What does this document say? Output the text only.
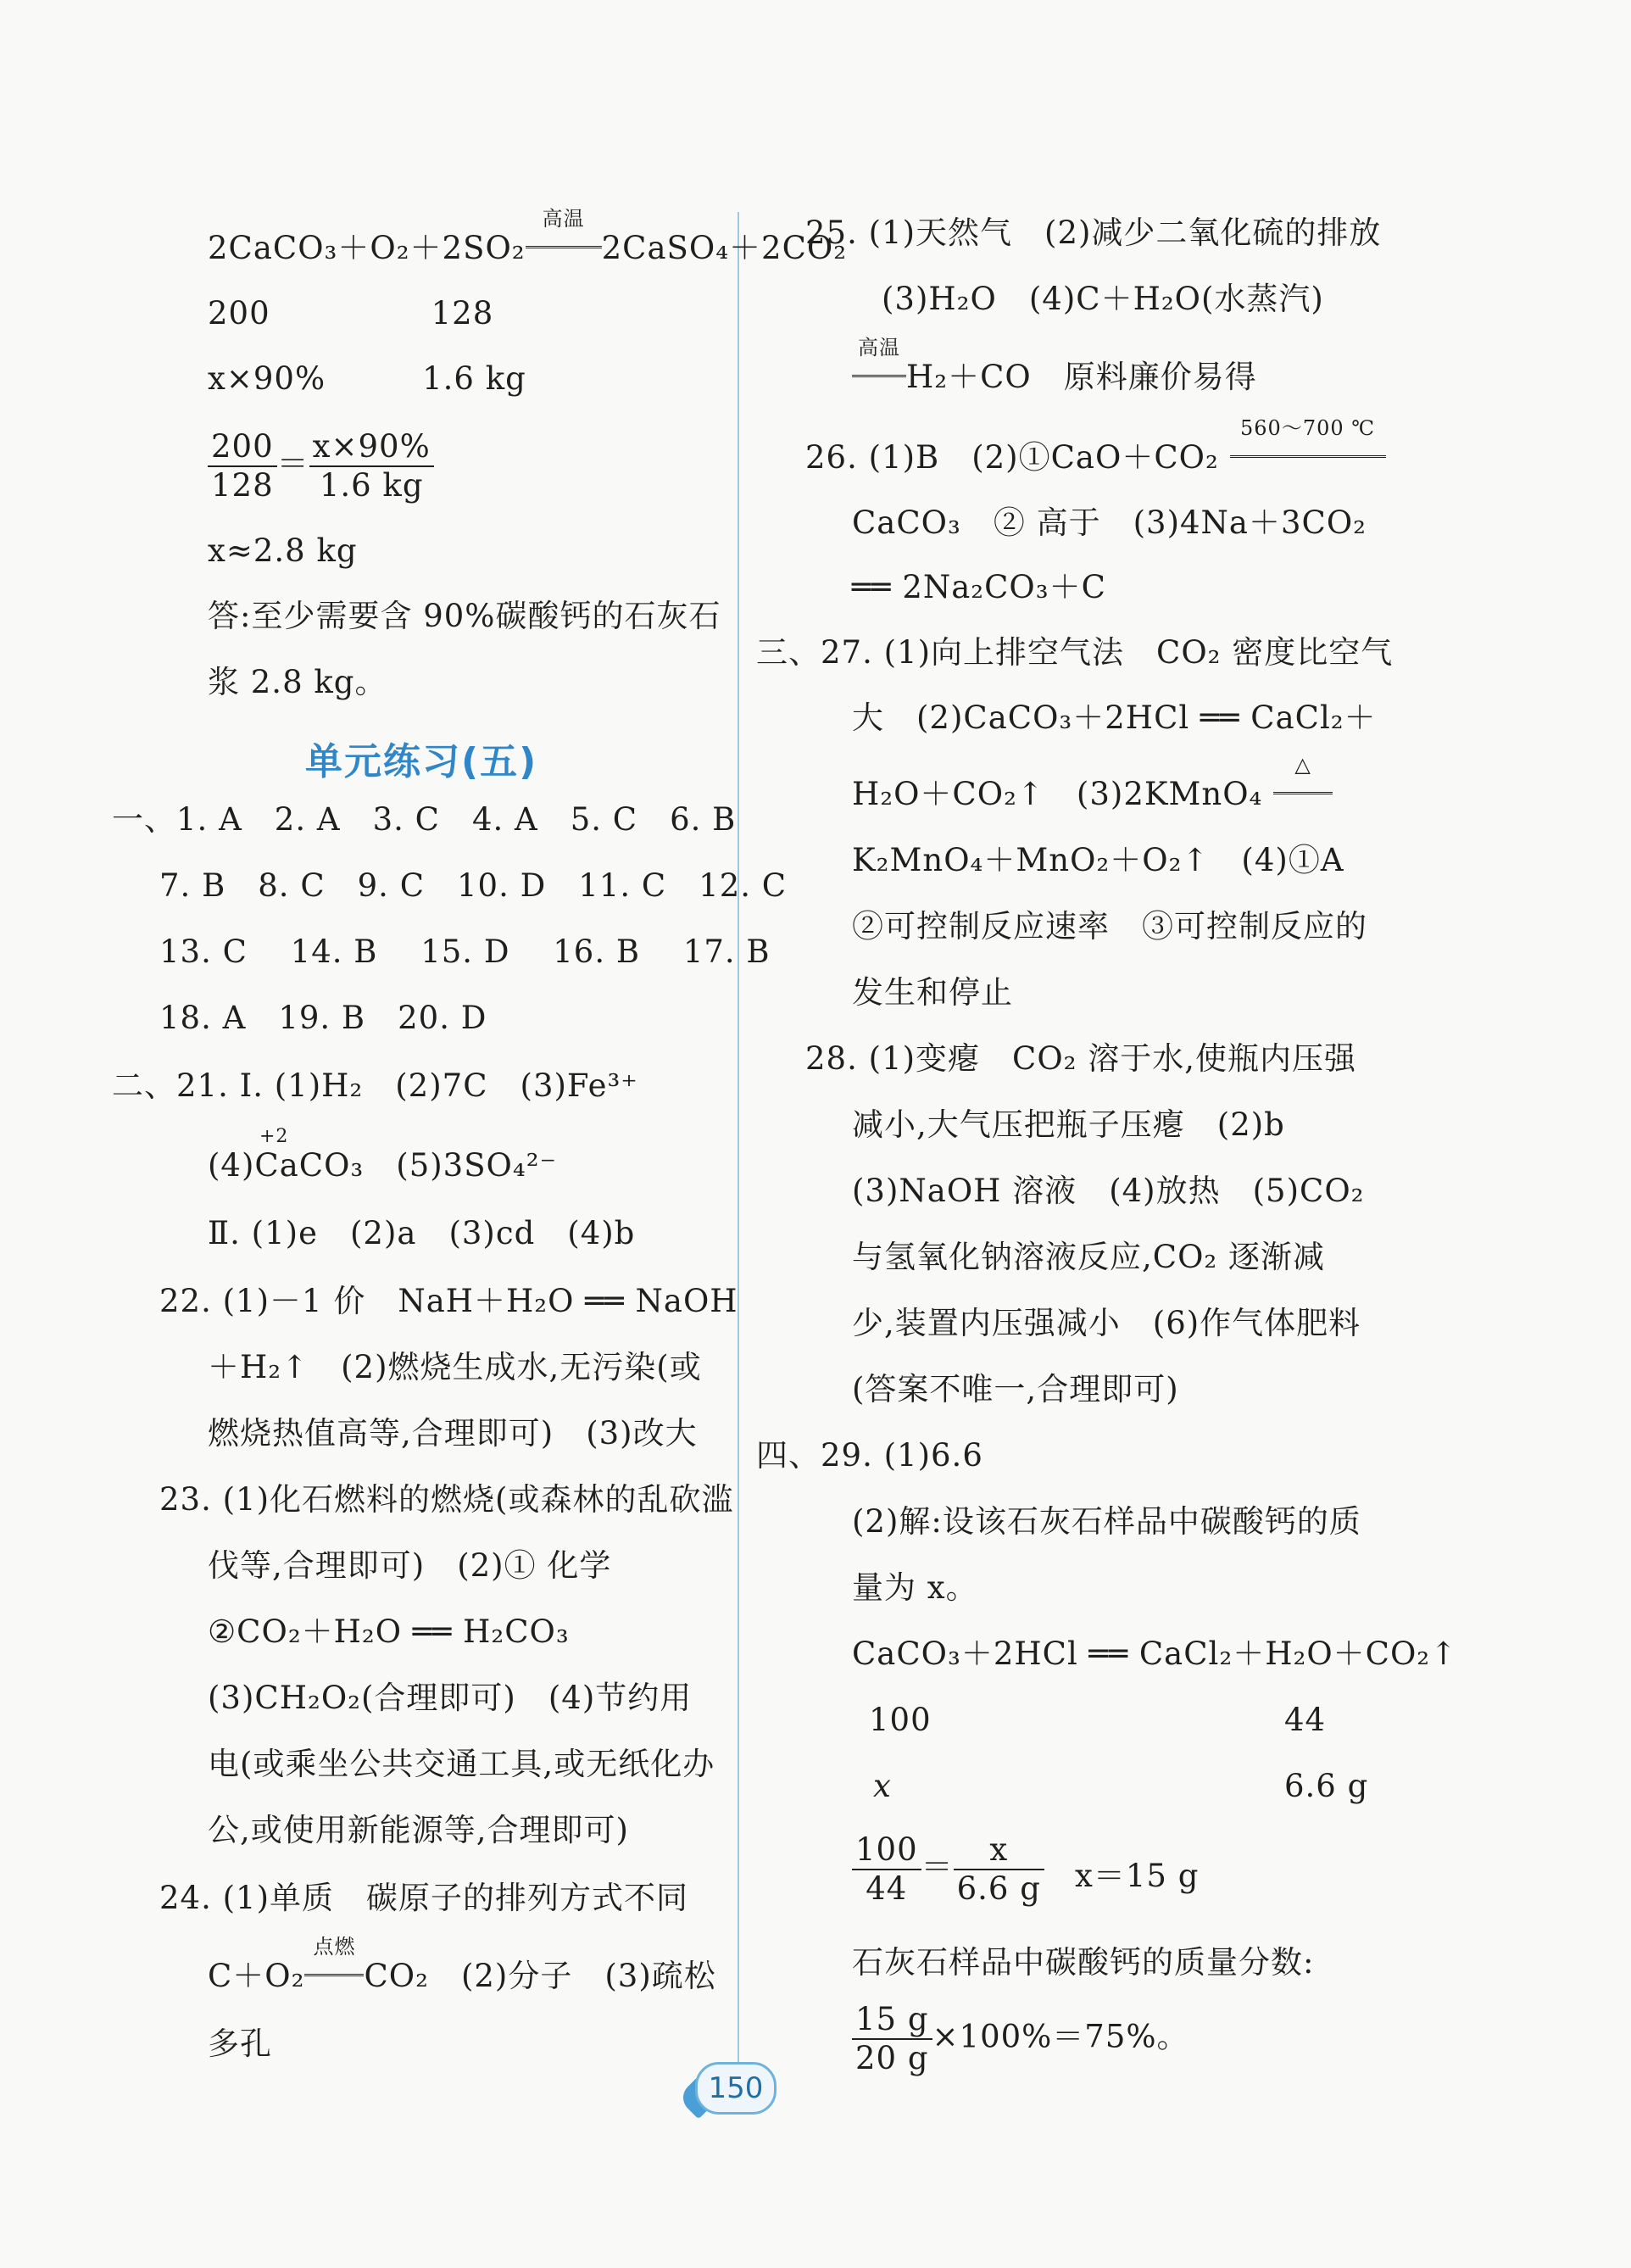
2CaCO₃＋O₂＋2SO₂
高温
2CaSO₄＋2CO₂
200　　　　　128
x×90%　　　1.6 kg
$\frac{200}{128} = \frac{x\times 90\%}{1.6 kg}$
x≈2.8 kg
答:至少需要含 90%碳酸钙的石灰石
浆 2.8 kg。
单元练习(五)
一、1. A　2. A　3. C　4. A　5. C　6. B
7. B　8. C　9. C　10. D　11. C　12. C
13. C　 14. B　 15. D　 16. B　 17. B
18. A　19. B　20. D
二、21. Ⅰ. (1)H₂　(2)7C　(3)Fe³⁺
+2
(4)CaCO₃　(5)3SO₄²⁻
Ⅱ. (1)e　(2)a　(3)cd　(4)b
22. (1)－1 价　NaH＋H₂O ══ NaOH
＋H₂↑　(2)燃烧生成水,无污染(或
燃烧热值高等,合理即可)　(3)改大
23. (1)化石燃料的燃烧(或森林的乱砍滥
伐等,合理即可)　(2)① 化学
②CO₂＋H₂O ══ H₂CO₃
(3)CH₂O₂(合理即可)　(4)节约用
电(或乘坐公共交通工具,或无纸化办
公,或使用新能源等,合理即可)
24. (1)单质　碳原子的排列方式不同
C＋O₂
点燃
CO₂　(2)分子　(3)疏松
多孔
25. (1)天然气　(2)减少二氧化硫的排放
(3)H₂O　(4)C＋H₂O(水蒸汽)
高温
H₂＋CO　原料廉价易得
26. (1)B　(2)①CaO＋CO₂
560～700 ℃
CaCO₃　② 高于　(3)4Na＋3CO₂
══ 2Na₂CO₃＋C
三、27. (1)向上排空气法　CO₂ 密度比空气
大　(2)CaCO₃＋2HCl ══ CaCl₂＋
H₂O＋CO₂↑　(3)2KMnO₄
△
K₂MnO₄＋MnO₂＋O₂↑　(4)①A
②可控制反应速率　③可控制反应的
发生和停止
28. (1)变瘪　CO₂ 溶于水,使瓶内压强
减小,大气压把瓶子压瘪　(2)b
(3)NaOH 溶液　(4)放热　(5)CO₂
与氢氧化钠溶液反应,CO₂ 逐渐减
少,装置内压强减小　(6)作气体肥料
(答案不唯一,合理即可)
四、29. (1)6.6
(2)解:设该石灰石样品中碳酸钙的质
量为 x。
CaCO₃＋2HCl ══ CaCl₂＋H₂O＋CO₂↑
100	44
x	6.6 g
$\frac{100}{44} = \frac{x}{6.6 g} x=15$ g
石灰石样品中碳酸钙的质量分数:
$\frac{15 g}{20 g} \times 100\%=75\%$。
150
